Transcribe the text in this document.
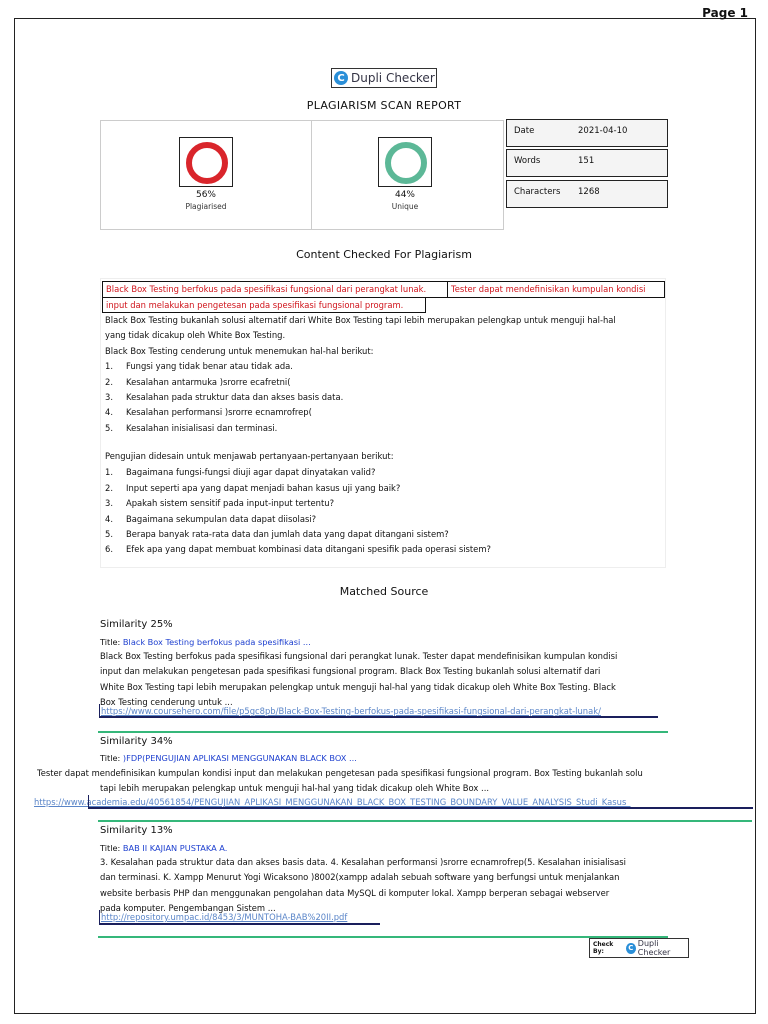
Page 1
C Dupli Checker
PLAGIARISM SCAN REPORT
56%
Plagiarised
44%
Unique
Date	2021-04-10
Words	151
Characters 1268
Content Checked For Plagiarism
Black Box Testing berfokus pada spesifikasi fungsional dari perangkat lunak.	Tester dapat mendefinisikan kumpulan kondisi
input dan melakukan pengetesan pada spesifikasi fungsional program.
Black Box Testing bukanlah solusi alternatif dari White Box Testing tapi lebih merupakan pelengkap untuk menguji hal-hal
yang tidak dicakup oleh White Box Testing.
Black Box Testing cenderung untuk menemukan hal-hal berikut:
1. Fungsi yang tidak benar atau tidak ada.
2. Kesalahan antarmuka )srorre ecafretni(
3. Kesalahan pada struktur data dan akses basis data.
4. Kesalahan performansi )srorre ecnamrofrep(
5. Kesalahan inisialisasi dan terminasi.
Pengujian didesain untuk menjawab pertanyaan-pertanyaan berikut:
1. Bagaimana fungsi-fungsi diuji agar dapat dinyatakan valid?
2. Input seperti apa yang dapat menjadi bahan kasus uji yang baik?
3. Apakah sistem sensitif pada input-input tertentu?
4. Bagaimana sekumpulan data dapat diisolasi?
5. Berapa banyak rata-rata data dan jumlah data yang dapat ditangani sistem?
6. Efek apa yang dapat membuat kombinasi data ditangani spesifik pada operasi sistem?
Matched Source
Similarity 25%
Title: Black Box Testing berfokus pada spesifikasi ...
Black Box Testing berfokus pada spesifikasi fungsional dari perangkat lunak. Tester dapat mendefinisikan kumpulan kondisi
input dan melakukan pengetesan pada spesifikasi fungsional program. Black Box Testing bukanlah solusi alternatif dari
White Box Testing tapi lebih merupakan pelengkap untuk menguji hal-hal yang tidak dicakup oleh White Box Testing. Black
Box Testing cenderung untuk ...
https://www.coursehero.com/file/p5gc8pb/Black-Box-Testing-berfokus-pada-spesifikasi-fungsional-dari-perangkat-lunak/
Similarity 34%
Title: )FDP(PENGUJIAN APLIKASI MENGGUNAKAN BLACK BOX ...
Tester dapat mendefinisikan kumpulan kondisi input dan melakukan pengetesan pada spesifikasi fungsional program. Box Testing bukanlah solu
tapi lebih merupakan pelengkap untuk menguji hal-hal yang tidak dicakup oleh White Box ...
https://www.academia.edu/40561854/PENGUJIAN_APLIKASI_MENGGUNAKAN_BLACK_BOX_TESTING_BOUNDARY_VALUE_ANALYSIS_Studi_Kasus_
Similarity 13%
Title: BAB II KAJIAN PUSTAKA A.
3. Kesalahan pada struktur data dan akses basis data. 4. Kesalahan performansi )srorre ecnamrofrep(5. Kesalahan inisialisasi
dan terminasi. K. Xampp Menurut Yogi Wicaksono )8002(xampp adalah sebuah software yang berfungsi untuk menjalankan
website berbasis PHP dan menggunakan pengolahan data MySQL di komputer lokal. Xampp berperan sebagai webserver
pada komputer. Pengembangan Sistem ...
http://repository.umpac.id/8453/3/MUNTOHA-BAB%20II.pdf
Check By:	C Dupli Checker
